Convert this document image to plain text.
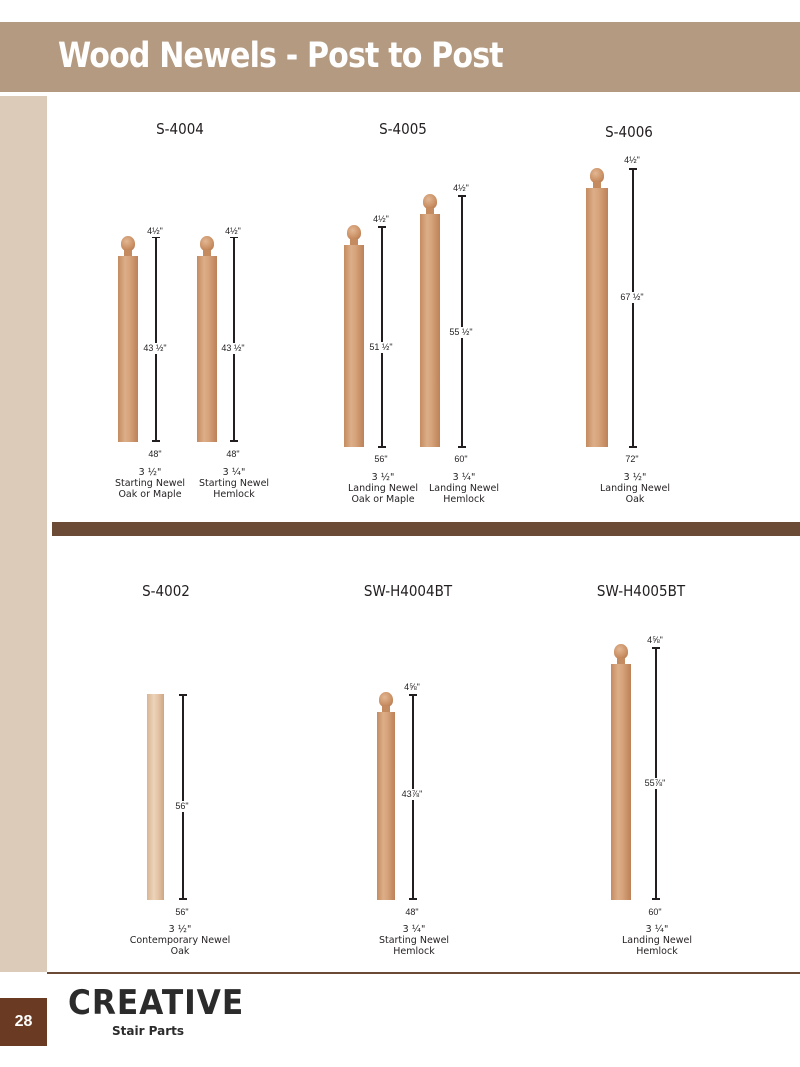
Wood Newels - Post to Post
S-4004
4½"
43 ½"
48"
3 ½"
Starting Newel
Oak or Maple
4½"
43 ½"
48"
3 ¼"
Starting Newel
Hemlock
S-4005
4½"
51 ½"
56"
3 ½"
Landing Newel
Oak or Maple
4½"
55 ½"
60"
3 ¼"
Landing Newel
Hemlock
S-4006
4½"
67 ½"
72"
3 ½"
Landing Newel
Oak
S-4002
56"
56"
3 ½"
Contemporary Newel
Oak
SW-H4004BT
4⅝"
43⅞"
48"
3 ¼"
Starting Newel
Hemlock
SW-H4005BT
4⅝"
55⅞"
60"
3 ¼"
Landing Newel
Hemlock
28	CREATIVE
Stair Parts
